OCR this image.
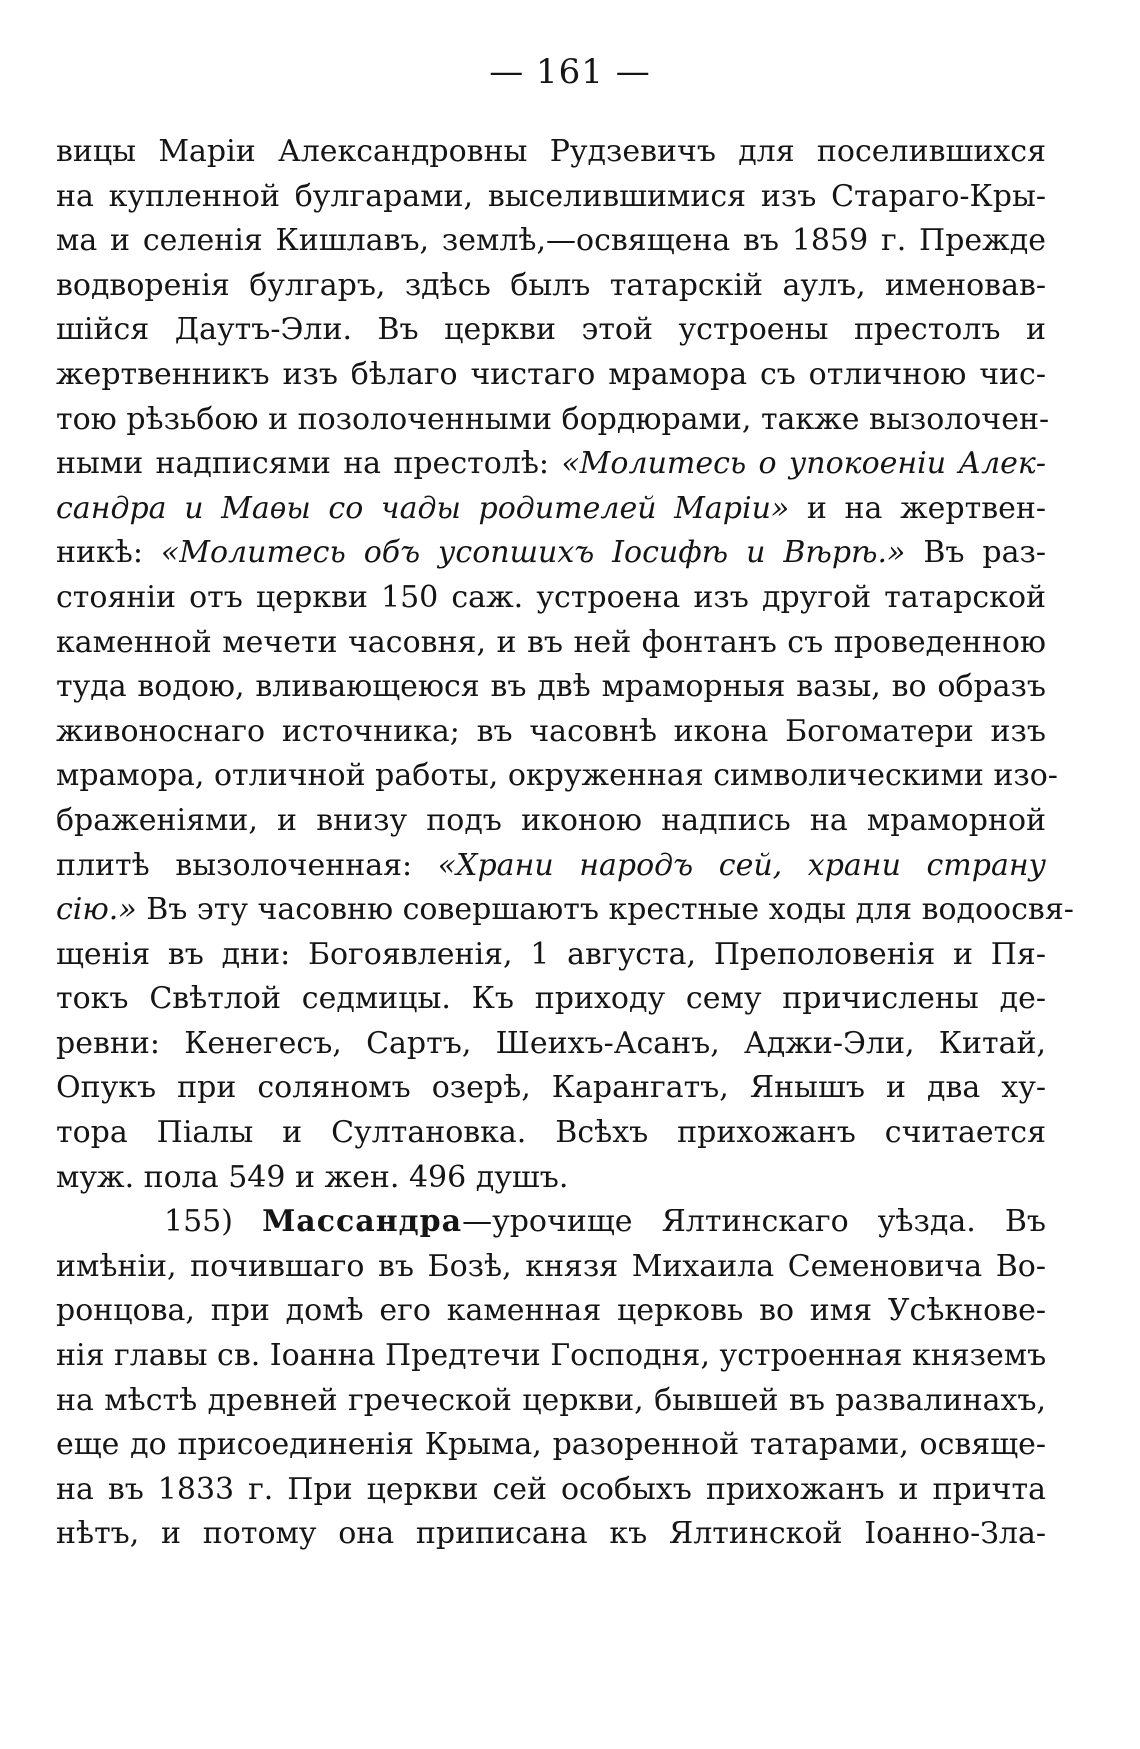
— 161 —
вицы Маріи Александровны Рудзевичъ для поселившихся
на купленной булгарами, выселившимися изъ Стараго-Кры-
ма и селенія Кишлавъ, землѣ,—освящена въ 1859 г. Прежде
водворенія булгаръ, здѣсь былъ татарскій аулъ, именовав-
шійся Даутъ-Эли. Въ церкви этой устроены престолъ и
жертвенникъ изъ бѣлаго чистаго мрамора съ отличною чис-
тою рѣзьбою и позолоченными бордюрами, также вызолочен-
ными надписями на престолѣ: «Молитесь о упокоеніи Алек-
сандра и Маѳы со чады родителей Маріи» и на жертвен-
никѣ: «Молитесь объ усопшихъ Іосифѣ и Вѣрѣ.» Въ раз-
стояніи отъ церкви 150 саж. устроена изъ другой татарской
каменной мечети часовня, и въ ней фонтанъ съ проведенною
туда водою, вливающеюся въ двѣ мраморныя вазы, во образъ
живоноснаго источника; въ часовнѣ икона Богоматери изъ
мрамора, отличной работы, окруженная символическими изо-
браженіями, и внизу подъ иконою надпись на мраморной
плитѣ вызолоченная: «Храни народъ сей, храни страну
сію.» Въ эту часовню совершаютъ крестные ходы для водоосвя-
щенія въ дни: Богоявленія, 1 августа, Преполовенія и Пя-
токъ Свѣтлой седмицы. Къ приходу сему причислены де-
ревни: Кенегесъ, Сартъ, Шеихъ-Асанъ, Аджи-Эли, Китай,
Опукъ при соляномъ озерѣ, Карангатъ, Янышъ и два ху-
тора Піалы и Султановка. Всѣхъ прихожанъ считается
муж. пола 549 и жен. 496 душъ.
155) Массандра—урочище Ялтинскаго уѣзда. Въ
имѣніи, почившаго въ Бозѣ, князя Михаила Семеновича Во-
ронцова, при домѣ его каменная церковь во имя Усѣкнове-
нія главы св. Іоанна Предтечи Господня, устроенная княземъ
на мѣстѣ древней греческой церкви, бывшей въ развалинахъ,
еще до присоединенія Крыма, разоренной татарами, освяще-
на въ 1833 г. При церкви сей особыхъ прихожанъ и причта
нѣтъ, и потому она приписана къ Ялтинской Іоанно-Зла-
